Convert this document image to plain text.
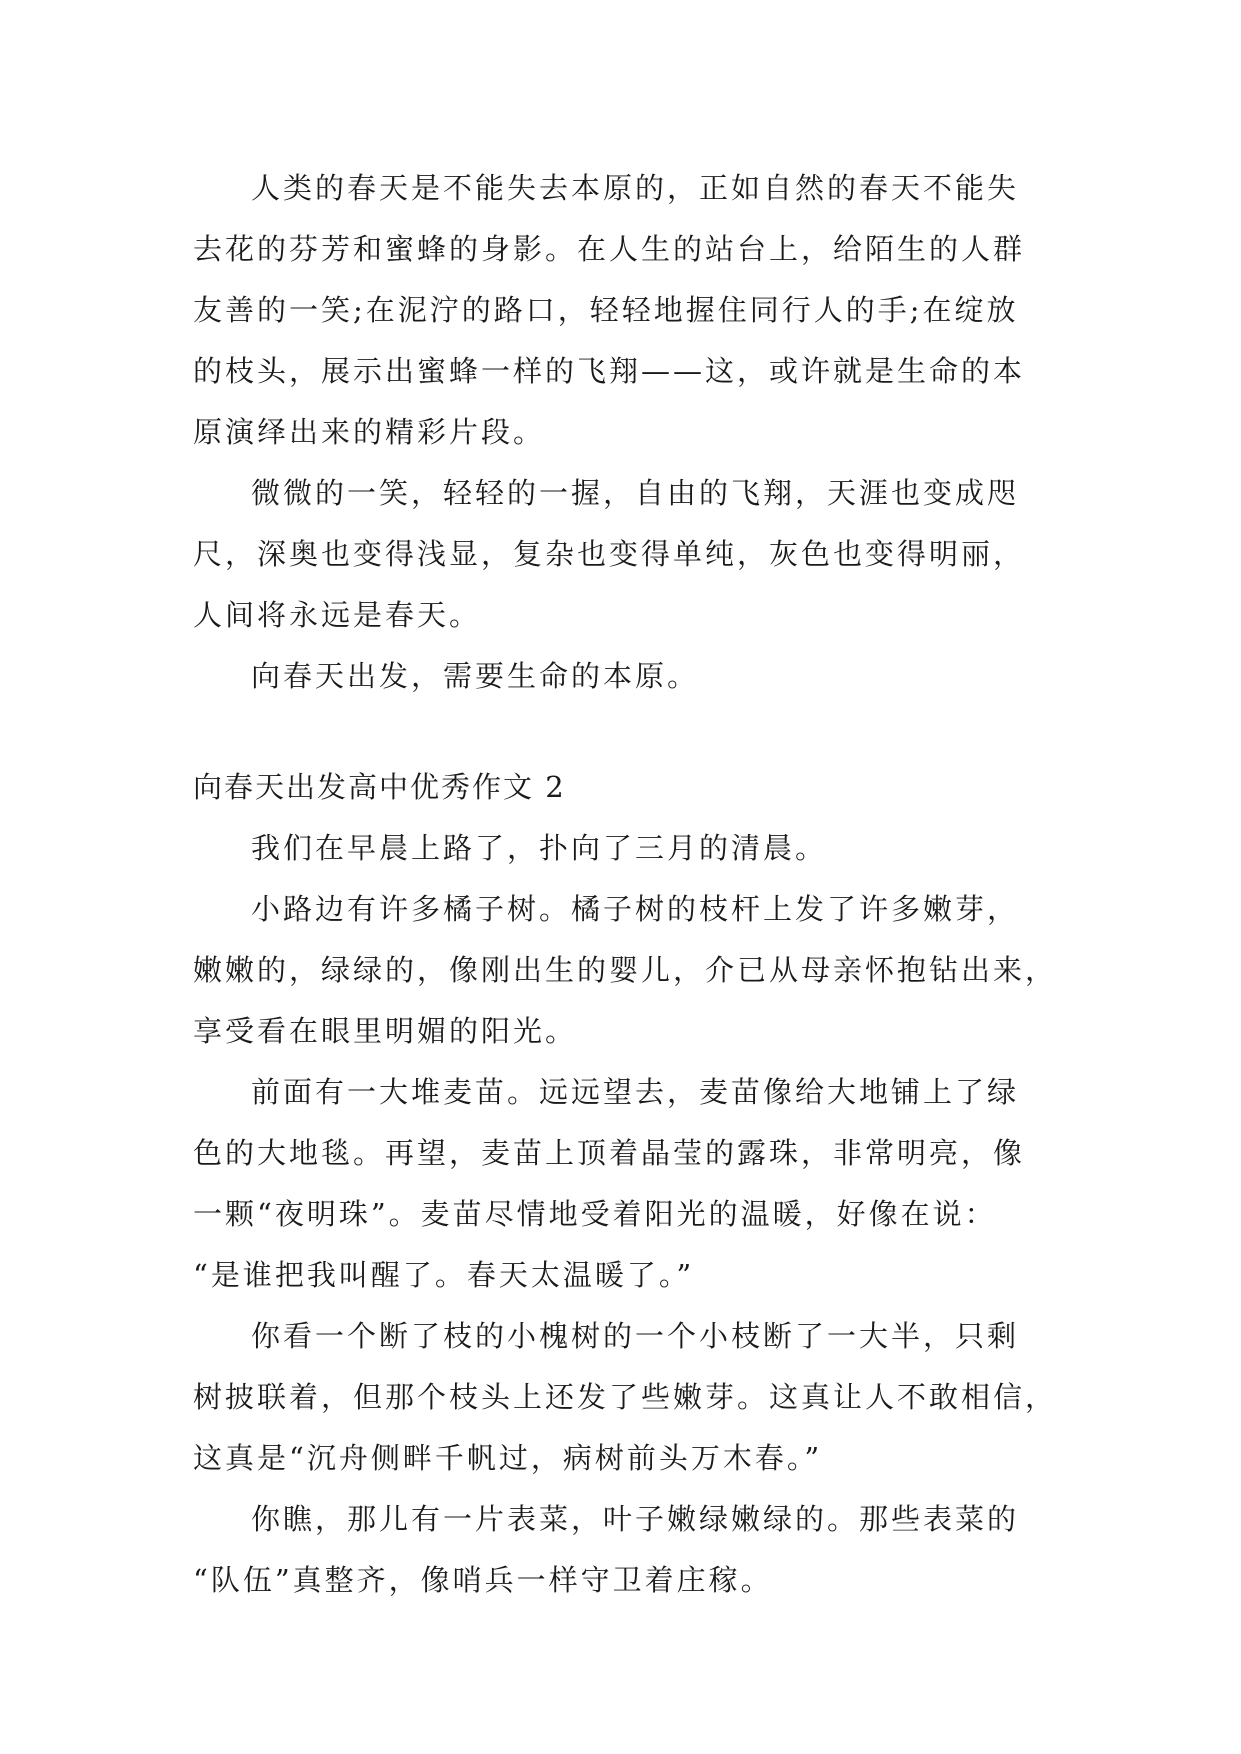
人类的春天是不能失去本原的，正如自然的春天不能失
去花的芬芳和蜜蜂的身影。在人生的站台上，给陌生的人群
友善的一笑;在泥泞的路口，轻轻地握住同行人的手;在绽放
的枝头，展示出蜜蜂一样的飞翔——这，或许就是生命的本
原演绎出来的精彩片段。

微微的一笑，轻轻的一握，自由的飞翔，天涯也变成咫
尺，深奥也变得浅显，复杂也变得单纯，灰色也变得明丽，
人间将永远是春天。

向春天出发，需要生命的本原。

向春天出发高中优秀作文 2

我们在早晨上路了，扑向了三月的清晨。

小路边有许多橘子树。橘子树的枝杆上发了许多嫩芽，
嫩嫩的，绿绿的，像刚出生的婴儿，介已从母亲怀抱钻出来，
享受看在眼里明媚的阳光。

前面有一大堆麦苗。远远望去，麦苗像给大地铺上了绿
色的大地毯。再望，麦苗上顶着晶莹的露珠，非常明亮，像
一颗“夜明珠”。麦苗尽情地受着阳光的温暖，好像在说：
“是谁把我叫醒了。春天太温暖了。”

你看一个断了枝的小槐树的一个小枝断了一大半，只剩
树披联着，但那个枝头上还发了些嫩芽。这真让人不敢相信，
这真是“沉舟侧畔千帆过，病树前头万木春。”

你瞧，那儿有一片表菜，叶子嫩绿嫩绿的。那些表菜的
“队伍”真整齐，像哨兵一样守卫着庄稼。
